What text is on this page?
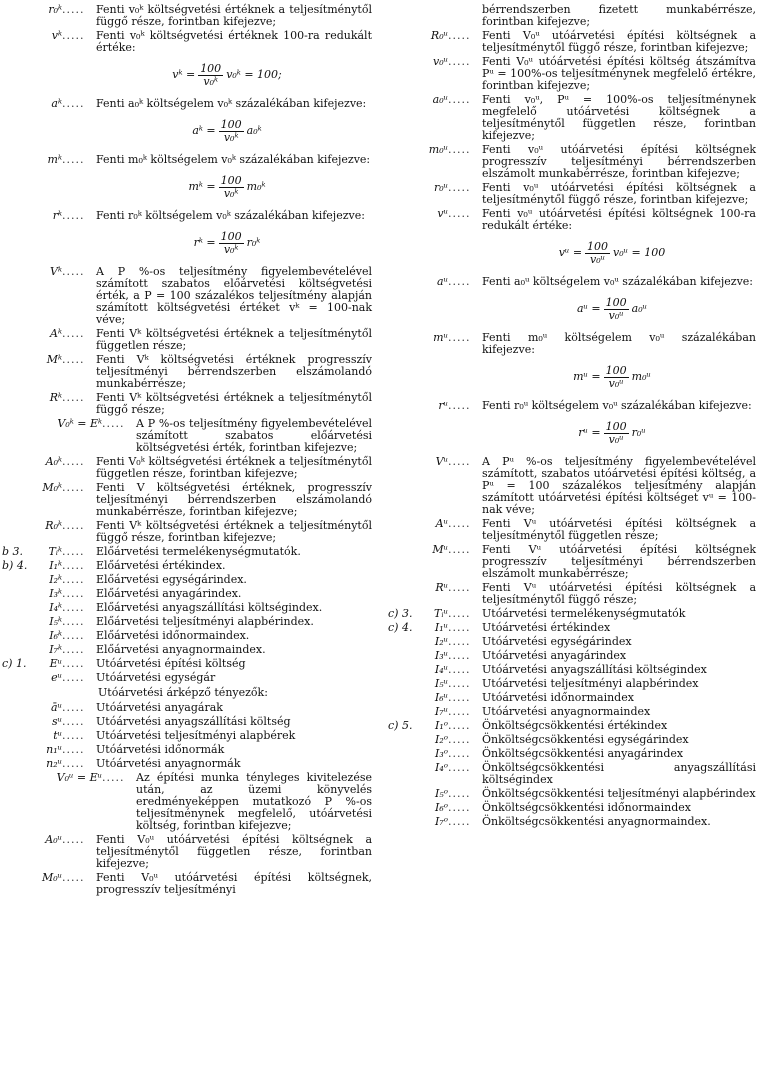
r₀ᵏ .....	Fenti v₀ᵏ költségvetési értéknek a teljesítménytől függő része, forintban kifejezve;
vᵏ .....	Fenti v₀ᵏ költségvetési értéknek 100-ra redukált értéke:
vᵏ = $\frac{100}{\text{v₀ᵏ}}$ v₀ᵏ = 100;
aᵏ .....	Fenti a₀ᵏ költségelem v₀ᵏ százalékában kifejezve:
aᵏ = $\frac{100}{\text{v₀ᵏ}}$ a₀ᵏ
mᵏ .....	Fenti m₀ᵏ költségelem v₀ᵏ százalékában kifejezve:
mᵏ = $\frac{100}{\text{v₀ᵏ}}$ m₀ᵏ
rᵏ .....	Fenti r₀ᵏ költségelem v₀ᵏ százalékában kifejezve:
rᵏ = $\frac{100}{\text{v₀ᵏ}}$ r₀ᵏ
Vᵏ .....	A P %-os teljesítmény figyelembevételével számított szabatos előárvetési költségvetési érték, a P = 100 százalékos teljesítmény alapján számított költségvetési értéket vᵏ = 100-nak véve;
Aᵏ .....	Fenti Vᵏ költségvetési értéknek a teljesítménytől független része;
Mᵏ .....	Fenti Vᵏ költségvetési értéknek progresszív teljesítményi bérrendszerben elszámolandó munkabérrésze;
Rᵏ .....	Fenti Vᵏ költségvetési értéknek a teljesítménytől függő része;
V₀ᵏ = Eᵏ .....	A P %-os teljesítmény figyelembevételével számított szabatos előárvetési költségvetési érték, forintban kifejezve;
A₀ᵏ .....	Fenti V₀ᵏ költségvetési értéknek a teljesítménytől független része, forintban kifejezve;
M₀ᵏ .....	Fenti V költségvetési értéknek, progresszív teljesítményi bérrendszerben elszámolandó munkabérrésze, forintban kifejezve;
R₀ᵏ .....	Fenti Vᵏ költségvetési értéknek a teljesítménytől függő része, forintban kifejezve;
b 3.	Tᵢᵏ .....	Előárvetési termelékenységmutatók.
b) 4.	I₁ᵏ .....	Előárvetési értékindex.
I₂ᵏ .....	Előárvetési egységárindex.
I₃ᵏ .....	Előárvetési anyagárindex.
I₄ᵏ .....	Előárvetési anyagszállítási költségindex.
I₅ᵏ .....	Előárvetési teljesítményi alapbérindex.
I₆ᵏ .....	Előárvetési időnormaindex.
I₇ᵏ .....	Előárvetési anyagnormaindex.
c) 1.	Eᵘ .....	Utóárvetési építési költség
eᵘ .....	Utóárvetési egységár
Utóárvetési árképző tényezők:
āᵘ .....	Utóárvetési anyagárak
sᵘ .....	Utóárvetési anyagszállítási költség
tᵘ .....	Utóárvetési teljesítményi alapbérek
n₁ᵘ .....	Utóárvetési időnormák
n₂ᵘ .....	Utóárvetési anyagnormák
V₀ᵘ = Eᵘ .....	Az építési munka tényleges kivitelezése után, az üzemi könyvelés eredményeképpen mutatkozó P %-os teljesítménynek megfelelő, utóárvetési költség, forintban kifejezve;
A₀ᵘ .....	Fenti V₀ᵘ utóárvetési építési költségnek a teljesítménytől független része, forintban kifejezve;
M₀ᵘ .....	Fenti V₀ᵘ utóárvetési építési költségnek, progresszív teljesítményi
bérrendszerben fizetett munkabérrésze, forintban kifejezve;
R₀ᵘ .....	Fenti V₀ᵘ utóárvetési építési költségnek a teljesítménytől függő része, forintban kifejezve;
v₀ᵘ .....	Fenti V₀ᵘ utóárvetési építési költség átszámítva Pᵘ = 100%-os teljesítménynek megfelelő értékre, forintban kifejezve;
a₀ᵘ .....	Fenti v₀ᵘ, Pᵘ = 100%-os teljesítménynek megfelelő utóárvetési költségnek a teljesítménytől független része, forintban kifejezve;
m₀ᵘ .....	Fenti v₀ᵘ utóárvetési építési költségnek progresszív teljesítményi bérrendszerben elszámolt munkabérrésze, forintban kifejezve;
r₀ᵘ .....	Fenti v₀ᵘ utóárvetési építési költségnek a teljesítménytől függő része, forintban kifejezve;
vᵘ .....	Fenti v₀ᵘ utóárvetési építési költségnek 100-ra redukált értéke:
vᵘ = $\frac{100}{\text{v₀ᵘ}}$ v₀ᵘ = 100
aᵘ .....	Fenti a₀ᵘ költségelem v₀ᵘ százalékában kifejezve:
aᵘ = $\frac{100}{\text{v₀ᵘ}}$ a₀ᵘ
mᵘ .....	Fenti m₀ᵘ költségelem v₀ᵘ százalékában kifejezve:
mᵘ = $\frac{100}{\text{v₀ᵘ}}$ m₀ᵘ
rᵘ .....	Fenti r₀ᵘ költségelem v₀ᵘ százalékában kifejezve:
rᵘ = $\frac{100}{\text{v₀ᵘ}}$ r₀ᵘ
Vᵘ .....	A Pᵘ %-os teljesítmény figyelembevételével számított, szabatos utóárvetési építési költség, a Pᵘ = 100 százalékos teljesítmény alapján számított utóárvetési építési költséget vᵘ = 100-nak véve;
Aᵘ .....	Fenti Vᵘ utóárvetési építési költségnek a teljesítménytől független része;
Mᵘ .....	Fenti Vᵘ utóárvetési építési költségnek progresszív teljesítményi bérrendszerben elszámolt munkabérrésze;
Rᵘ .....	Fenti Vᵘ utóárvetési építési költségnek a teljesítménytől függő része;
c) 3.	Tᵢᵘ .....	Utóárvetési termelékenységmutatók
c) 4.	I₁ᵘ .....	Utóárvetési értékindex
I₂ᵘ .....	Utóárvetési egységárindex
I₃ᵘ .....	Utóárvetési anyagárindex
I₄ᵘ .....	Utóárvetési anyagszállítási költségindex
I₅ᵘ .....	Utóárvetési teljesítményi alapbérindex
I₆ᵘ .....	Utóárvetési időnormaindex
I₇ᵘ .....	Utóárvetési anyagnormaindex
c) 5.	I₁ᵒ .....	Önköltségcsökkentési értékindex
I₂ᵒ .....	Önköltségcsökkentési egységárindex
I₃ᵒ .....	Önköltségcsökkentési anyagárindex
I₄ᵒ .....	Önköltségcsökkentési anyagszállítási költségindex
I₅ᵒ .....	Önköltségcsökkentési teljesítményi alapbérindex
I₆ᵒ .....	Önköltségcsökkentési időnormaindex
I₇ᵒ .....	Önköltségcsökkentési anyagnormaindex.
